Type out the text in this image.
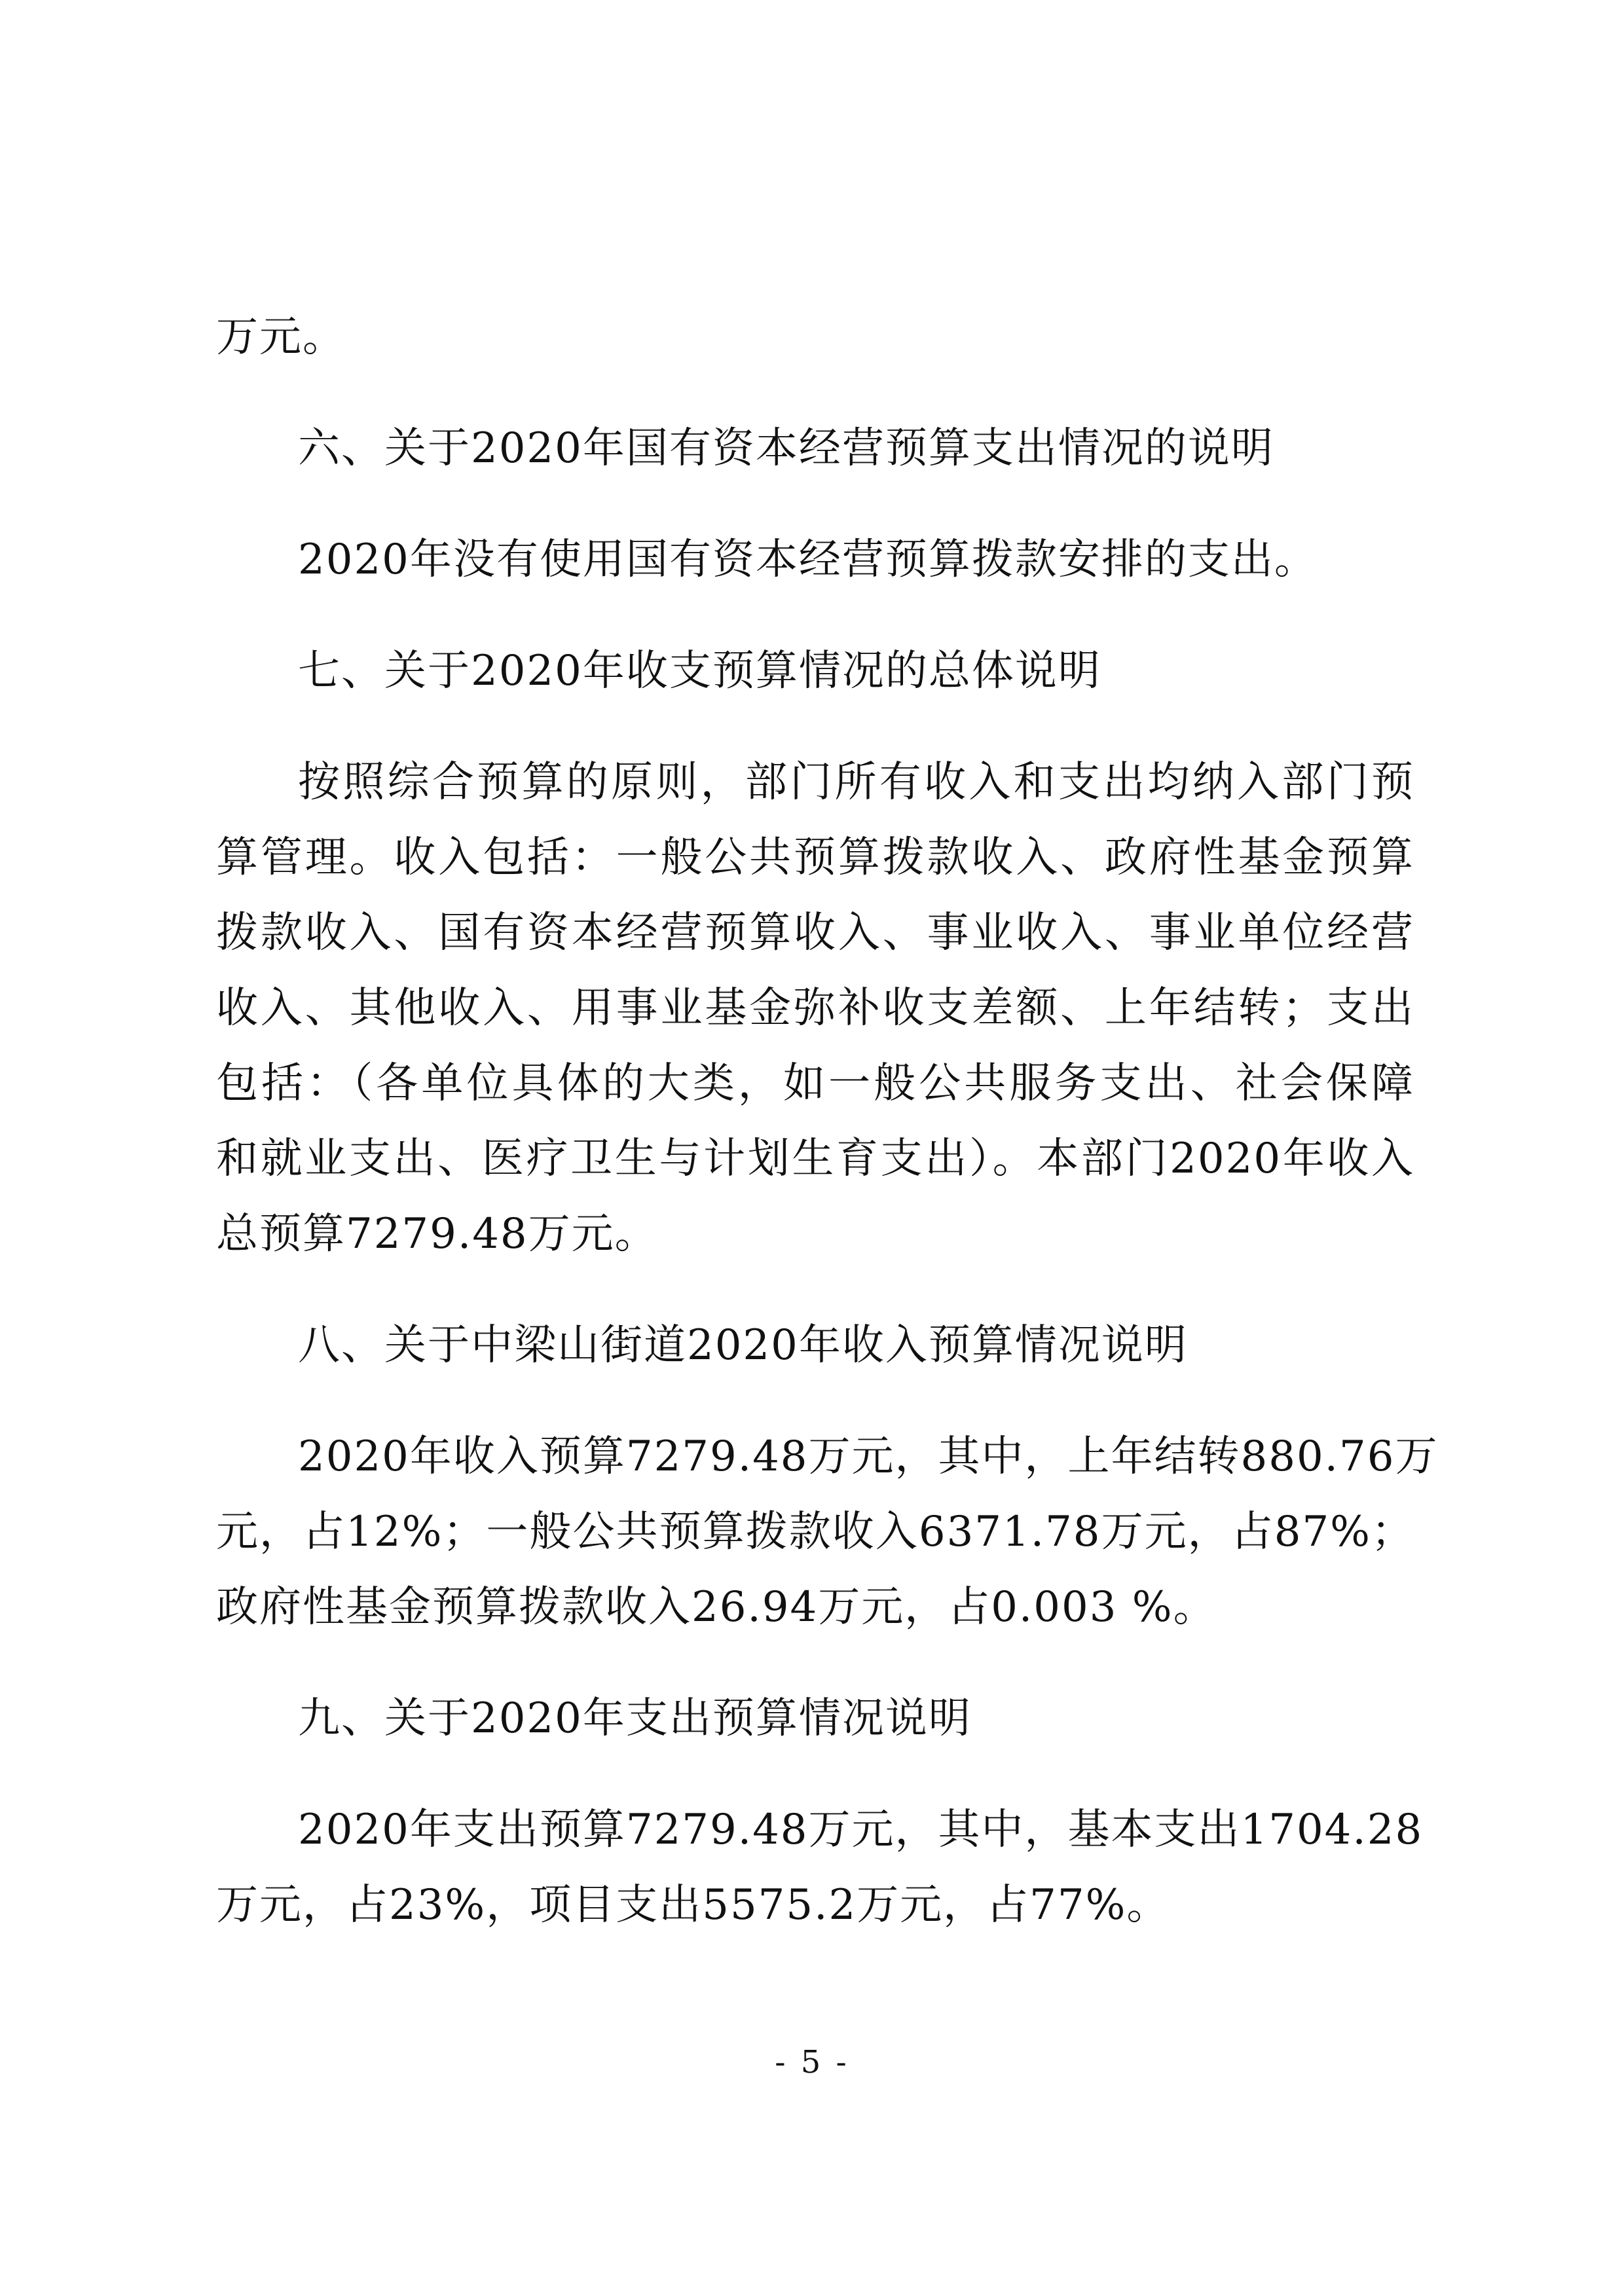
万元。
六、关于2020年国有资本经营预算支出情况的说明
2020年没有使用国有资本经营预算拨款安排的支出。
七、关于2020年收支预算情况的总体说明
按照综合预算的原则，部门所有收入和支出均纳入部门预
算管理。收入包括：一般公共预算拨款收入、政府性基金预算
拨款收入、国有资本经营预算收入、事业收入、事业单位经营
收入、其他收入、用事业基金弥补收支差额、上年结转；支出
包括：（各单位具体的大类，如一般公共服务支出、社会保障
和就业支出、医疗卫生与计划生育支出）。本部门2020年收入
总预算7279.48万元。
八、关于中梁山街道2020年收入预算情况说明
2020年收入预算7279.48万元，其中，上年结转880.76万
元，占12%；一般公共预算拨款收入6371.78万元，占87%；
政府性基金预算拨款收入26.94万元，占0.003 %。
九、关于2020年支出预算情况说明
2020年支出预算7279.48万元，其中，基本支出1704.28
万元，占23%，项目支出5575.2万元，占77%。
- 5 -
